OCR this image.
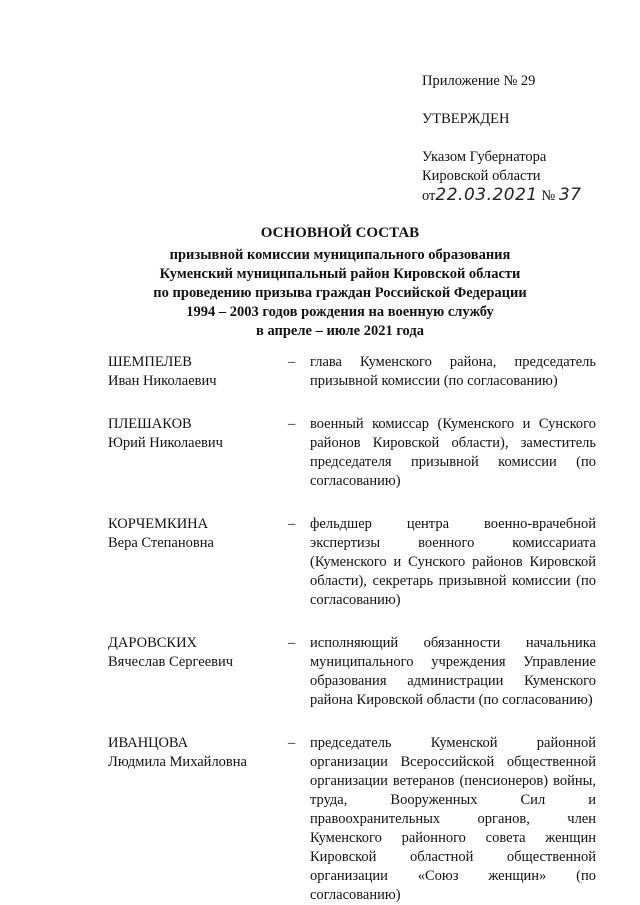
Приложение № 29
УТВЕРЖДЕН
Указом Губернатора
Кировской области
от22.03.2021 № 37
ОСНОВНОЙ СОСТАВ
призывной комиссии муниципального образования
Куменский муниципальный район Кировской области
по проведению призыва граждан Российской Федерации
1994 – 2003 годов рождения на военную службу
в апреле – июле 2021 года
ШЕМПЕЛЕВ
Иван Николаевич
–	глава Куменского района, председатель призывной комиссии (по согласованию)
ПЛЕШАКОВ
Юрий Николаевич
–	военный комиссар (Куменского и Сунского районов Кировской области), заместитель председателя призывной комиссии (по согласованию)
КОРЧЕМКИНА
Вера Степановна
–	фельдшер центра военно-врачебной экспертизы военного комиссариата (Куменского и Сунского районов Кировской области), секретарь призывной комиссии (по согласованию)
ДАРОВСКИХ
Вячеслав Сергеевич
–	исполняющий обязанности начальника муниципального учреждения Управление образования администрации Куменского района Кировской области (по согласованию)
ИВАНЦОВА
Людмила Михайловна
–	председатель Куменской районной организации Всероссийской общественной организации ветеранов (пенсионеров) войны, труда, Вооруженных Сил и правоохранительных органов, член Куменского районного совета женщин Кировской областной общественной организации «Союз женщин» (по согласованию)
